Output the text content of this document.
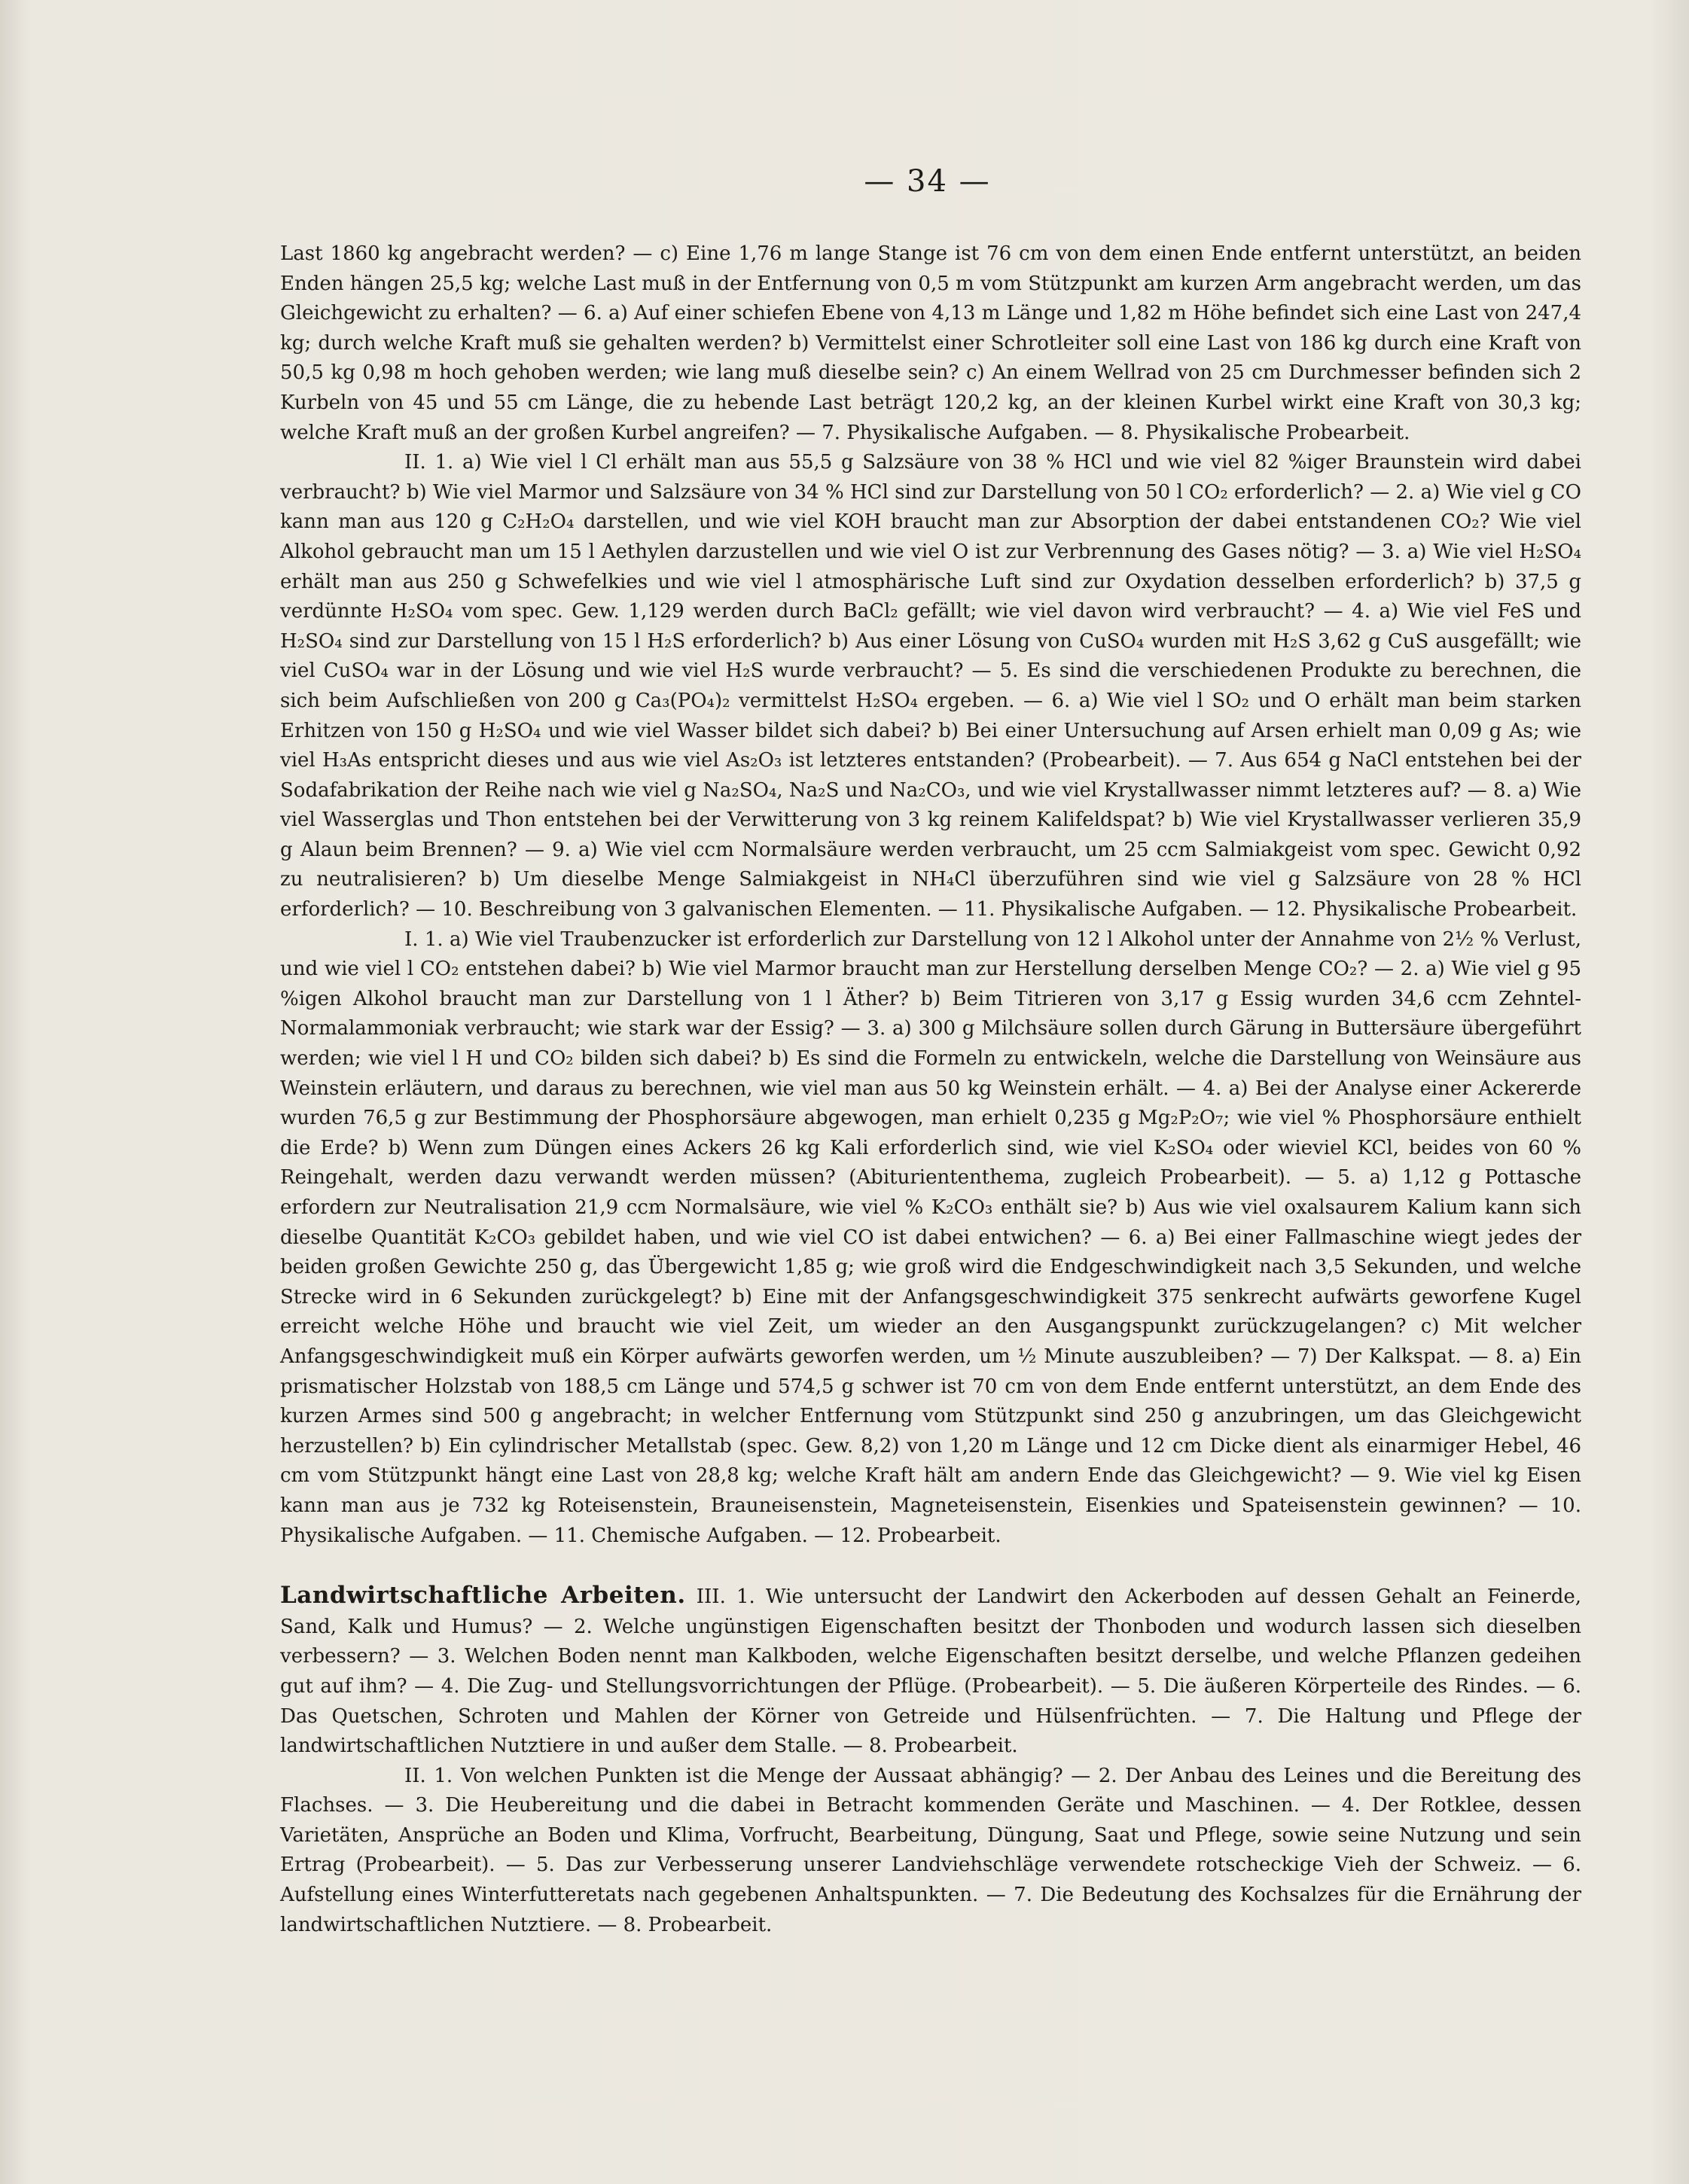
— 34 —

Last 1860 kg angebracht werden? — c) Eine 1,76 m lange Stange ist 76 cm von dem einen Ende entfernt unterstützt, an beiden Enden hängen 25,5 kg; welche Last muß in der Entfernung von 0,5 m vom Stützpunkt am kurzen Arm angebracht werden, um das Gleichgewicht zu erhalten? — 6. a) Auf einer schiefen Ebene von 4,13 m Länge und 1,82 m Höhe befindet sich eine Last von 247,4 kg; durch welche Kraft muß sie gehalten werden? b) Vermittelst einer Schrotleiter soll eine Last von 186 kg durch eine Kraft von 50,5 kg 0,98 m hoch gehoben werden; wie lang muß dieselbe sein? c) An einem Wellrad von 25 cm Durchmesser befinden sich 2 Kurbeln von 45 und 55 cm Länge, die zu hebende Last beträgt 120,2 kg, an der kleinen Kurbel wirkt eine Kraft von 30,3 kg; welche Kraft muß an der großen Kurbel angreifen? — 7. Physikalische Aufgaben. — 8. Physikalische Probearbeit.

II. 1. a) Wie viel l Cl erhält man aus 55,5 g Salzsäure von 38 % HCl und wie viel 82 %iger Braunstein wird dabei verbraucht? b) Wie viel Marmor und Salzsäure von 34 % HCl sind zur Darstellung von 50 l CO₂ erforderlich? — 2. a) Wie viel g CO kann man aus 120 g C₂H₂O₄ darstellen, und wie viel KOH braucht man zur Absorption der dabei entstandenen CO₂? Wie viel Alkohol gebraucht man um 15 l Aethylen darzustellen und wie viel O ist zur Verbrennung des Gases nötig? — 3. a) Wie viel H₂SO₄ erhält man aus 250 g Schwefelkies und wie viel l atmosphärische Luft sind zur Oxydation desselben erforderlich? b) 37,5 g verdünnte H₂SO₄ vom spec. Gew. 1,129 werden durch BaCl₂ gefällt; wie viel davon wird verbraucht? — 4. a) Wie viel FeS und H₂SO₄ sind zur Darstellung von 15 l H₂S erforderlich? b) Aus einer Lösung von CuSO₄ wurden mit H₂S 3,62 g CuS ausgefällt; wie viel CuSO₄ war in der Lösung und wie viel H₂S wurde verbraucht? — 5. Es sind die verschiedenen Produkte zu berechnen, die sich beim Aufschließen von 200 g Ca₃(PO₄)₂ vermittelst H₂SO₄ ergeben. — 6. a) Wie viel l SO₂ und O erhält man beim starken Erhitzen von 150 g H₂SO₄ und wie viel Wasser bildet sich dabei? b) Bei einer Untersuchung auf Arsen erhielt man 0,09 g As; wie viel H₃As entspricht dieses und aus wie viel As₂O₃ ist letzteres entstanden? (Probearbeit). — 7. Aus 654 g NaCl entstehen bei der Sodafabrikation der Reihe nach wie viel g Na₂SO₄, Na₂S und Na₂CO₃, und wie viel Krystallwasser nimmt letzteres auf? — 8. a) Wie viel Wasserglas und Thon entstehen bei der Verwitterung von 3 kg reinem Kalifeldspat? b) Wie viel Krystallwasser verlieren 35,9 g Alaun beim Brennen? — 9. a) Wie viel ccm Normalsäure werden verbraucht, um 25 ccm Salmiakgeist vom spec. Gewicht 0,92 zu neutralisieren? b) Um dieselbe Menge Salmiakgeist in NH₄Cl überzuführen sind wie viel g Salzsäure von 28 % HCl erforderlich? — 10. Beschreibung von 3 galvanischen Elementen. — 11. Physikalische Aufgaben. — 12. Physikalische Probearbeit.

I. 1. a) Wie viel Traubenzucker ist erforderlich zur Darstellung von 12 l Alkohol unter der Annahme von 2½ % Verlust, und wie viel l CO₂ entstehen dabei? b) Wie viel Marmor braucht man zur Herstellung derselben Menge CO₂? — 2. a) Wie viel g 95 %igen Alkohol braucht man zur Darstellung von 1 l Äther? b) Beim Titrieren von 3,17 g Essig wurden 34,6 ccm Zehntel-Normalammoniak verbraucht; wie stark war der Essig? — 3. a) 300 g Milchsäure sollen durch Gärung in Buttersäure übergeführt werden; wie viel l H und CO₂ bilden sich dabei? b) Es sind die Formeln zu entwickeln, welche die Darstellung von Weinsäure aus Weinstein erläutern, und daraus zu berechnen, wie viel man aus 50 kg Weinstein erhält. — 4. a) Bei der Analyse einer Ackererde wurden 76,5 g zur Bestimmung der Phosphorsäure abgewogen, man erhielt 0,235 g Mg₂P₂O₇; wie viel % Phosphorsäure enthielt die Erde? b) Wenn zum Düngen eines Ackers 26 kg Kali erforderlich sind, wie viel K₂SO₄ oder wieviel KCl, beides von 60 % Reingehalt, werden dazu verwandt werden müssen? (Abituriententhema, zugleich Probearbeit). — 5. a) 1,12 g Pottasche erfordern zur Neutralisation 21,9 ccm Normalsäure, wie viel % K₂CO₃ enthält sie? b) Aus wie viel oxalsaurem Kalium kann sich dieselbe Quantität K₂CO₃ gebildet haben, und wie viel CO ist dabei entwichen? — 6. a) Bei einer Fallmaschine wiegt jedes der beiden großen Gewichte 250 g, das Übergewicht 1,85 g; wie groß wird die Endgeschwindigkeit nach 3,5 Sekunden, und welche Strecke wird in 6 Sekunden zurückgelegt? b) Eine mit der Anfangsgeschwindigkeit 375 senkrecht aufwärts geworfene Kugel erreicht welche Höhe und braucht wie viel Zeit, um wieder an den Ausgangspunkt zurückzugelangen? c) Mit welcher Anfangsgeschwindigkeit muß ein Körper aufwärts geworfen werden, um ½ Minute auszubleiben? — 7) Der Kalkspat. — 8. a) Ein prismatischer Holzstab von 188,5 cm Länge und 574,5 g schwer ist 70 cm von dem Ende entfernt unterstützt, an dem Ende des kurzen Armes sind 500 g angebracht; in welcher Entfernung vom Stützpunkt sind 250 g anzubringen, um das Gleichgewicht herzustellen? b) Ein cylindrischer Metallstab (spec. Gew. 8,2) von 1,20 m Länge und 12 cm Dicke dient als einarmiger Hebel, 46 cm vom Stützpunkt hängt eine Last von 28,8 kg; welche Kraft hält am andern Ende das Gleichgewicht? — 9. Wie viel kg Eisen kann man aus je 732 kg Roteisenstein, Brauneisenstein, Magneteisenstein, Eisenkies und Spateisenstein gewinnen? — 10. Physikalische Aufgaben. — 11. Chemische Aufgaben. — 12. Probearbeit.

Landwirtschaftliche Arbeiten. III. 1. Wie untersucht der Landwirt den Ackerboden auf dessen Gehalt an Feinerde, Sand, Kalk und Humus? — 2. Welche ungünstigen Eigenschaften besitzt der Thonboden und wodurch lassen sich dieselben verbessern? — 3. Welchen Boden nennt man Kalkboden, welche Eigenschaften besitzt derselbe, und welche Pflanzen gedeihen gut auf ihm? — 4. Die Zug- und Stellungsvorrichtungen der Pflüge. (Probearbeit). — 5. Die äußeren Körperteile des Rindes. — 6. Das Quetschen, Schroten und Mahlen der Körner von Getreide und Hülsenfrüchten. — 7. Die Haltung und Pflege der landwirtschaftlichen Nutztiere in und außer dem Stalle. — 8. Probearbeit.

II. 1. Von welchen Punkten ist die Menge der Aussaat abhängig? — 2. Der Anbau des Leines und die Bereitung des Flachses. — 3. Die Heubereitung und die dabei in Betracht kommenden Geräte und Maschinen. — 4. Der Rotklee, dessen Varietäten, Ansprüche an Boden und Klima, Vorfrucht, Bearbeitung, Düngung, Saat und Pflege, sowie seine Nutzung und sein Ertrag (Probearbeit). — 5. Das zur Verbesserung unserer Landviehschläge verwendete rotscheckige Vieh der Schweiz. — 6. Aufstellung eines Winterfutteretats nach gegebenen Anhaltspunkten. — 7. Die Bedeutung des Kochsalzes für die Ernährung der landwirtschaftlichen Nutztiere. — 8. Probearbeit.
